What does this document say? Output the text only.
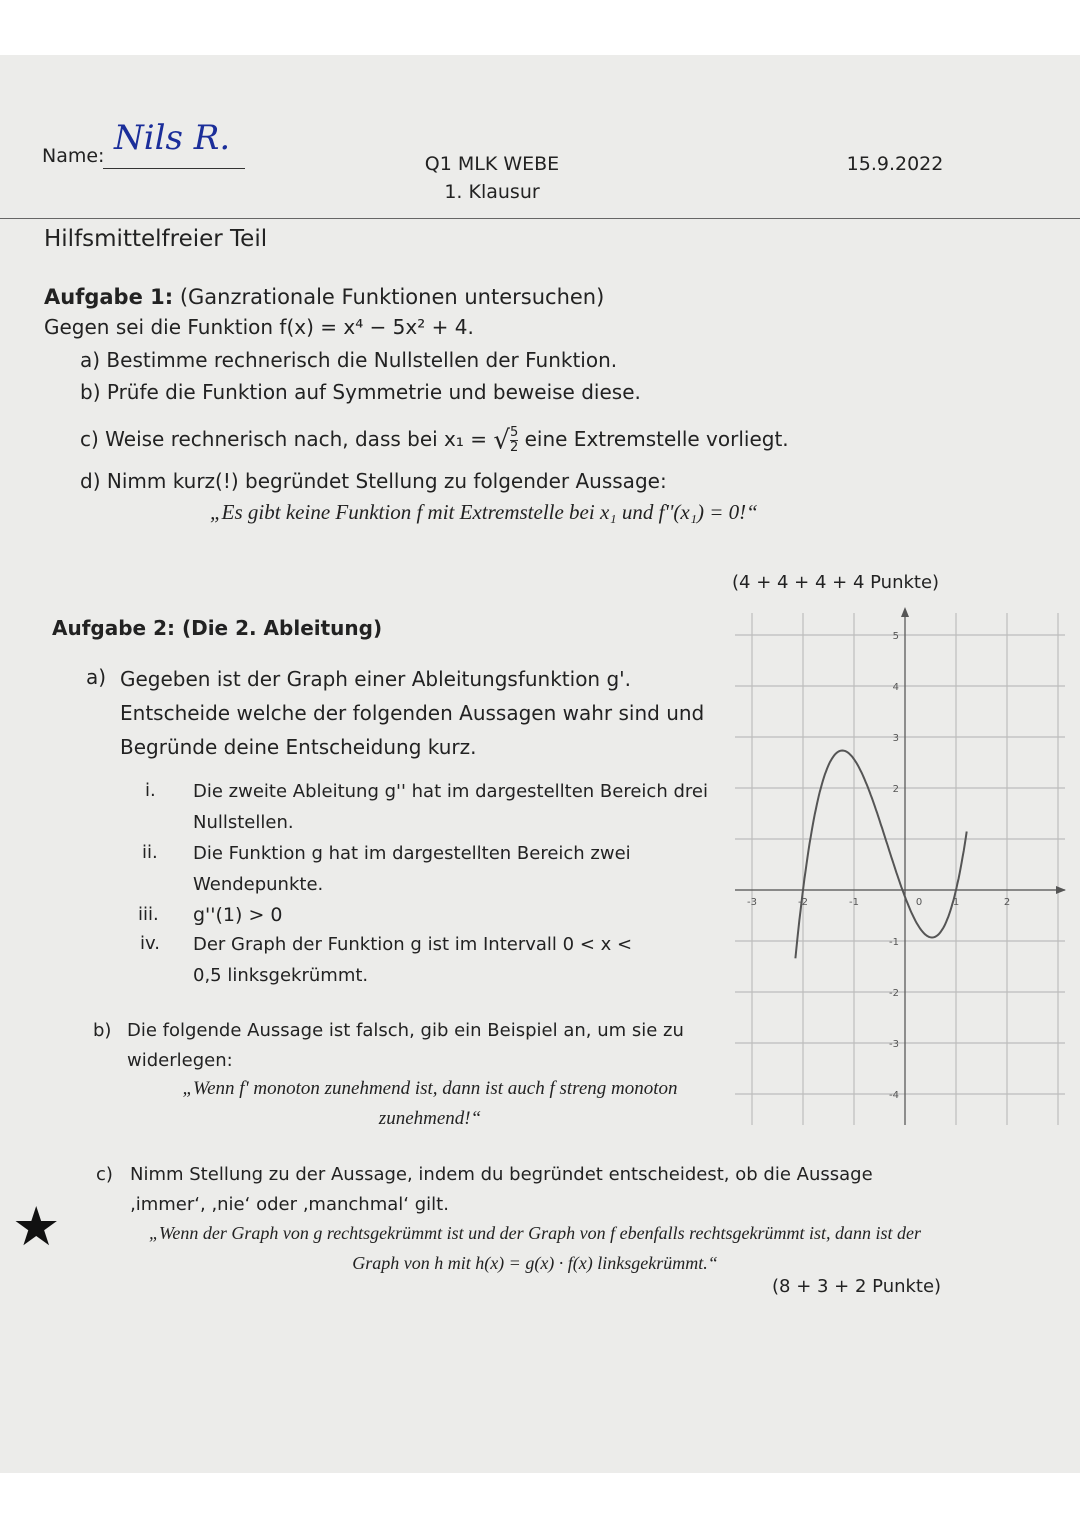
Name: Nils R.
Q1 MLK WEBE
1. Klausur
15.9.2022
Hilfsmittelfreier Teil
Aufgabe 1: (Ganzrationale Funktionen untersuchen)
Gegen sei die Funktion f(x) = x⁴ − 5x² + 4.
a) Bestimme rechnerisch die Nullstellen der Funktion.
b) Prüfe die Funktion auf Symmetrie und beweise diese.
c) Weise rechnerisch nach, dass bei x₁ = √ $\frac{5}{2}$ eine Extremstelle vorliegt.
d) Nimm kurz(!) begründet Stellung zu folgender Aussage:
„Es gibt keine Funktion f mit Extremstelle bei x₁ und f''(x₁) = 0!“
(4 + 4 + 4 + 4 Punkte)
Aufgabe 2: (Die 2. Ableitung)
a) Gegeben ist der Graph einer Ableitungsfunktion g'. Entscheide welche der folgenden Aussagen wahr sind und Begründe deine Entscheidung kurz.
i. Die zweite Ableitung g'' hat im dargestellten Bereich drei Nullstellen.
ii. Die Funktion g hat im dargestellten Bereich zwei Wendepunkte.
iii. g''(1) > 0
iv. Der Graph der Funktion g ist im Intervall 0 < x < 0,5 linksgekrümmt.
b) Die folgende Aussage ist falsch, gib ein Beispiel an, um sie zu widerlegen:
„Wenn f' monoton zunehmend ist, dann ist auch f streng monoton zunehmend!“
c) Nimm Stellung zu der Aussage, indem du begründet entscheidest, ob die Aussage ‚immer‘, ‚nie‘ oder ‚manchmal‘ gilt.
„Wenn der Graph von g rechtsgekrümmt ist und der Graph von f ebenfalls rechtsgekrümmt ist, dann ist der Graph von h mit h(x) = g(x) · f(x) linksgekrümmt.“
(8 + 3 + 2 Punkte)
★
-3	-2	-1	0	1	2
5
4
3
2
-1
-2
-3
-4
